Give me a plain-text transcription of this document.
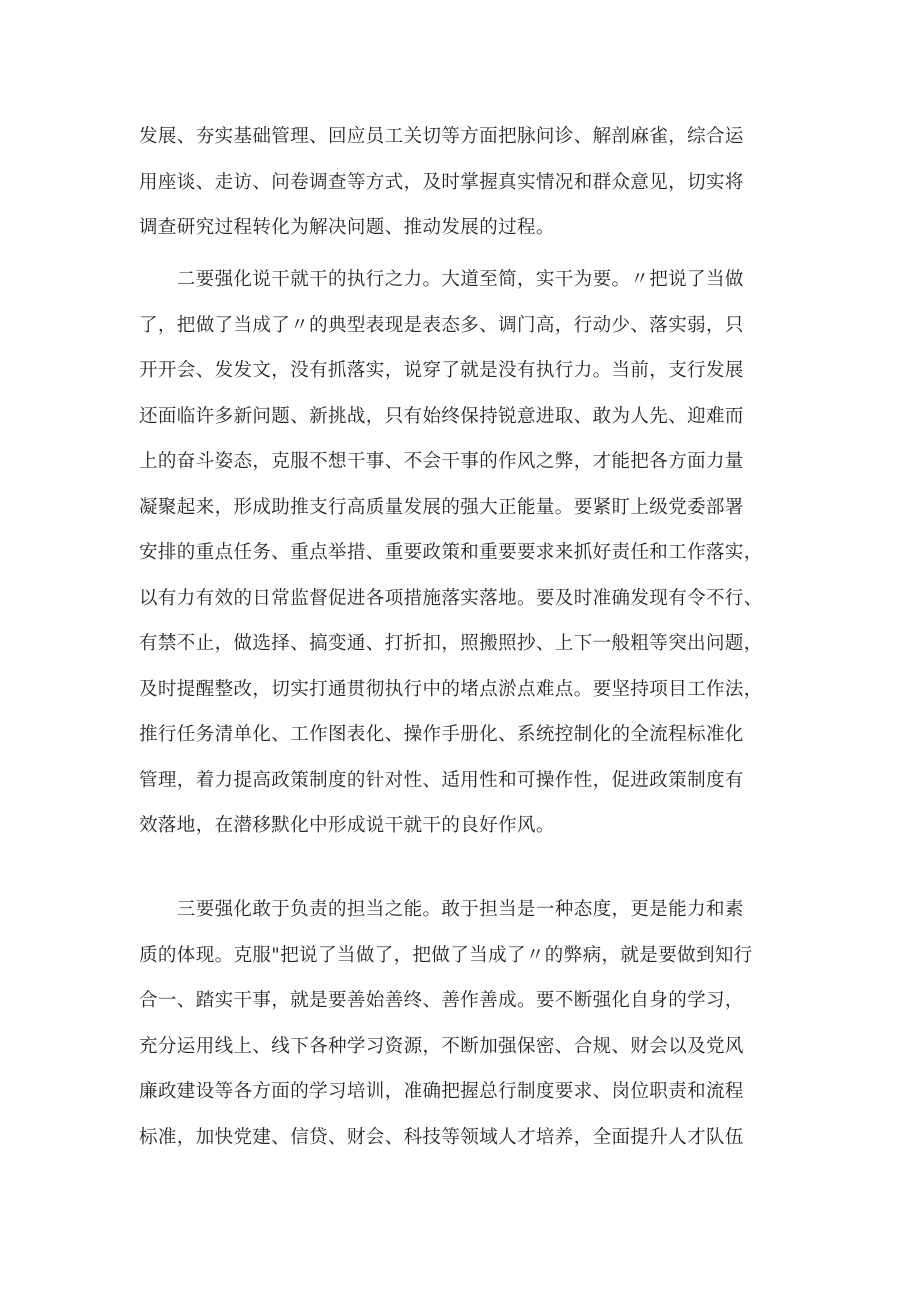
发展、夯实基础管理、回应员工关切等方面把脉问诊、解剖麻雀，综合运
用座谈、走访、问卷调查等方式，及时掌握真实情况和群众意见，切实将
调查研究过程转化为解决问题、推动发展的过程。
　　二要强化说干就干的执行之力。大道至简，实干为要。〃把说了当做
了，把做了当成了〃的典型表现是表态多、调门高，行动少、落实弱，只
开开会、发发文，没有抓落实，说穿了就是没有执行力。当前，支行发展
还面临许多新问题、新挑战，只有始终保持锐意进取、敢为人先、迎难而
上的奋斗姿态，克服不想干事、不会干事的作风之弊，才能把各方面力量
凝聚起来，形成助推支行高质量发展的强大正能量。要紧盯上级党委部署
安排的重点任务、重点举措、重要政策和重要要求来抓好责任和工作落实，
以有力有效的日常监督促进各项措施落实落地。要及时准确发现有令不行、
有禁不止，做选择、搞变通、打折扣，照搬照抄、上下一般粗等突出问题，
及时提醒整改，切实打通贯彻执行中的堵点淤点难点。要坚持项目工作法，
推行任务清单化、工作图表化、操作手册化、系统控制化的全流程标准化
管理，着力提高政策制度的针对性、适用性和可操作性，促进政策制度有
效落地，在潜移默化中形成说干就干的良好作风。
　　三要强化敢于负责的担当之能。敢于担当是一种态度，更是能力和素
质的体现。克服"把说了当做了，把做了当成了〃的弊病，就是要做到知行
合一、踏实干事，就是要善始善终、善作善成。要不断强化自身的学习，
充分运用线上、线下各种学习资源，不断加强保密、合规、财会以及党风
廉政建设等各方面的学习培训，准确把握总行制度要求、岗位职责和流程
标准，加快党建、信贷、财会、科技等领域人才培养，全面提升人才队伍
